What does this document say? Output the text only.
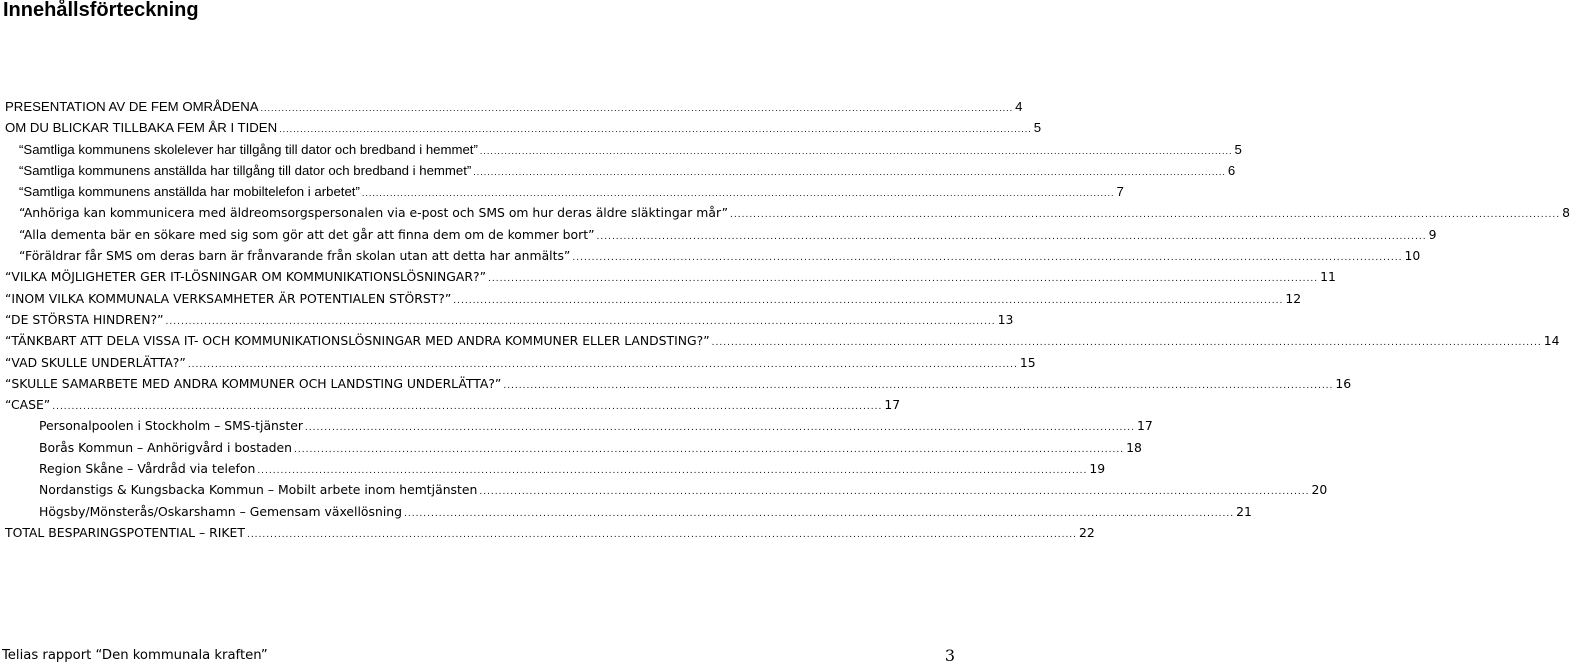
Innehållsförteckning
PRESENTATION AV DE FEM OMRÅDENA ....................................................................................................................................................................................................................... 4
OM DU BLICKAR TILLBAKA FEM ÅR I TIDEN ....................................................................................................................................................................................................................... 5
“Samtliga kommunens skolelever har tillgång till dator och bredband i hemmet” ....................................................................................................................................................................................................................... 5
“Samtliga kommunens anställda har tillgång till dator och bredband i hemmet” ....................................................................................................................................................................................................................... 6
“Samtliga kommunens anställda har mobiltelefon i arbetet” ....................................................................................................................................................................................................................... 7
“Anhöriga kan kommunicera med äldreomsorgspersonalen via e-post och SMS om hur deras äldre släktingar mår” ....................................................................................................................................................................................................................... 8
“Alla dementa bär en sökare med sig som gör att det går att finna dem om de kommer bort” ....................................................................................................................................................................................................................... 9
“Föräldrar får SMS om deras barn är frånvarande från skolan utan att detta har anmälts” ....................................................................................................................................................................................................................... 10
“VILKA MÖJLIGHETER GER IT-LÖSNINGAR OM KOMMUNIKATIONSLÖSNINGAR?” ....................................................................................................................................................................................................................... 11
“INOM VILKA KOMMUNALA VERKSAMHETER ÄR POTENTIALEN STÖRST?” ....................................................................................................................................................................................................................... 12
“DE STÖRSTA HINDREN?” ....................................................................................................................................................................................................................... 13
“TÄNKBART ATT DELA VISSA IT- OCH KOMMUNIKATIONSLÖSNINGAR MED ANDRA KOMMUNER ELLER LANDSTING?” ....................................................................................................................................................................................................................... 14
“VAD SKULLE UNDERLÄTTA?” ....................................................................................................................................................................................................................... 15
“SKULLE SAMARBETE MED ANDRA KOMMUNER OCH LANDSTING UNDERLÄTTA?” ....................................................................................................................................................................................................................... 16
“CASE” ....................................................................................................................................................................................................................... 17
Personalpoolen i Stockholm – SMS-tjänster ....................................................................................................................................................................................................................... 17
Borås Kommun – Anhörigvård i bostaden ....................................................................................................................................................................................................................... 18
Region Skåne – Vårdråd via telefon ....................................................................................................................................................................................................................... 19
Nordanstigs & Kungsbacka Kommun – Mobilt arbete inom hemtjänsten ....................................................................................................................................................................................................................... 20
Högsby/Mönsterås/Oskarshamn – Gemensam växellösning ....................................................................................................................................................................................................................... 21
TOTAL BESPARINGSPOTENTIAL – RIKET ....................................................................................................................................................................................................................... 22
Telias rapport “Den kommunala kraften”	3
